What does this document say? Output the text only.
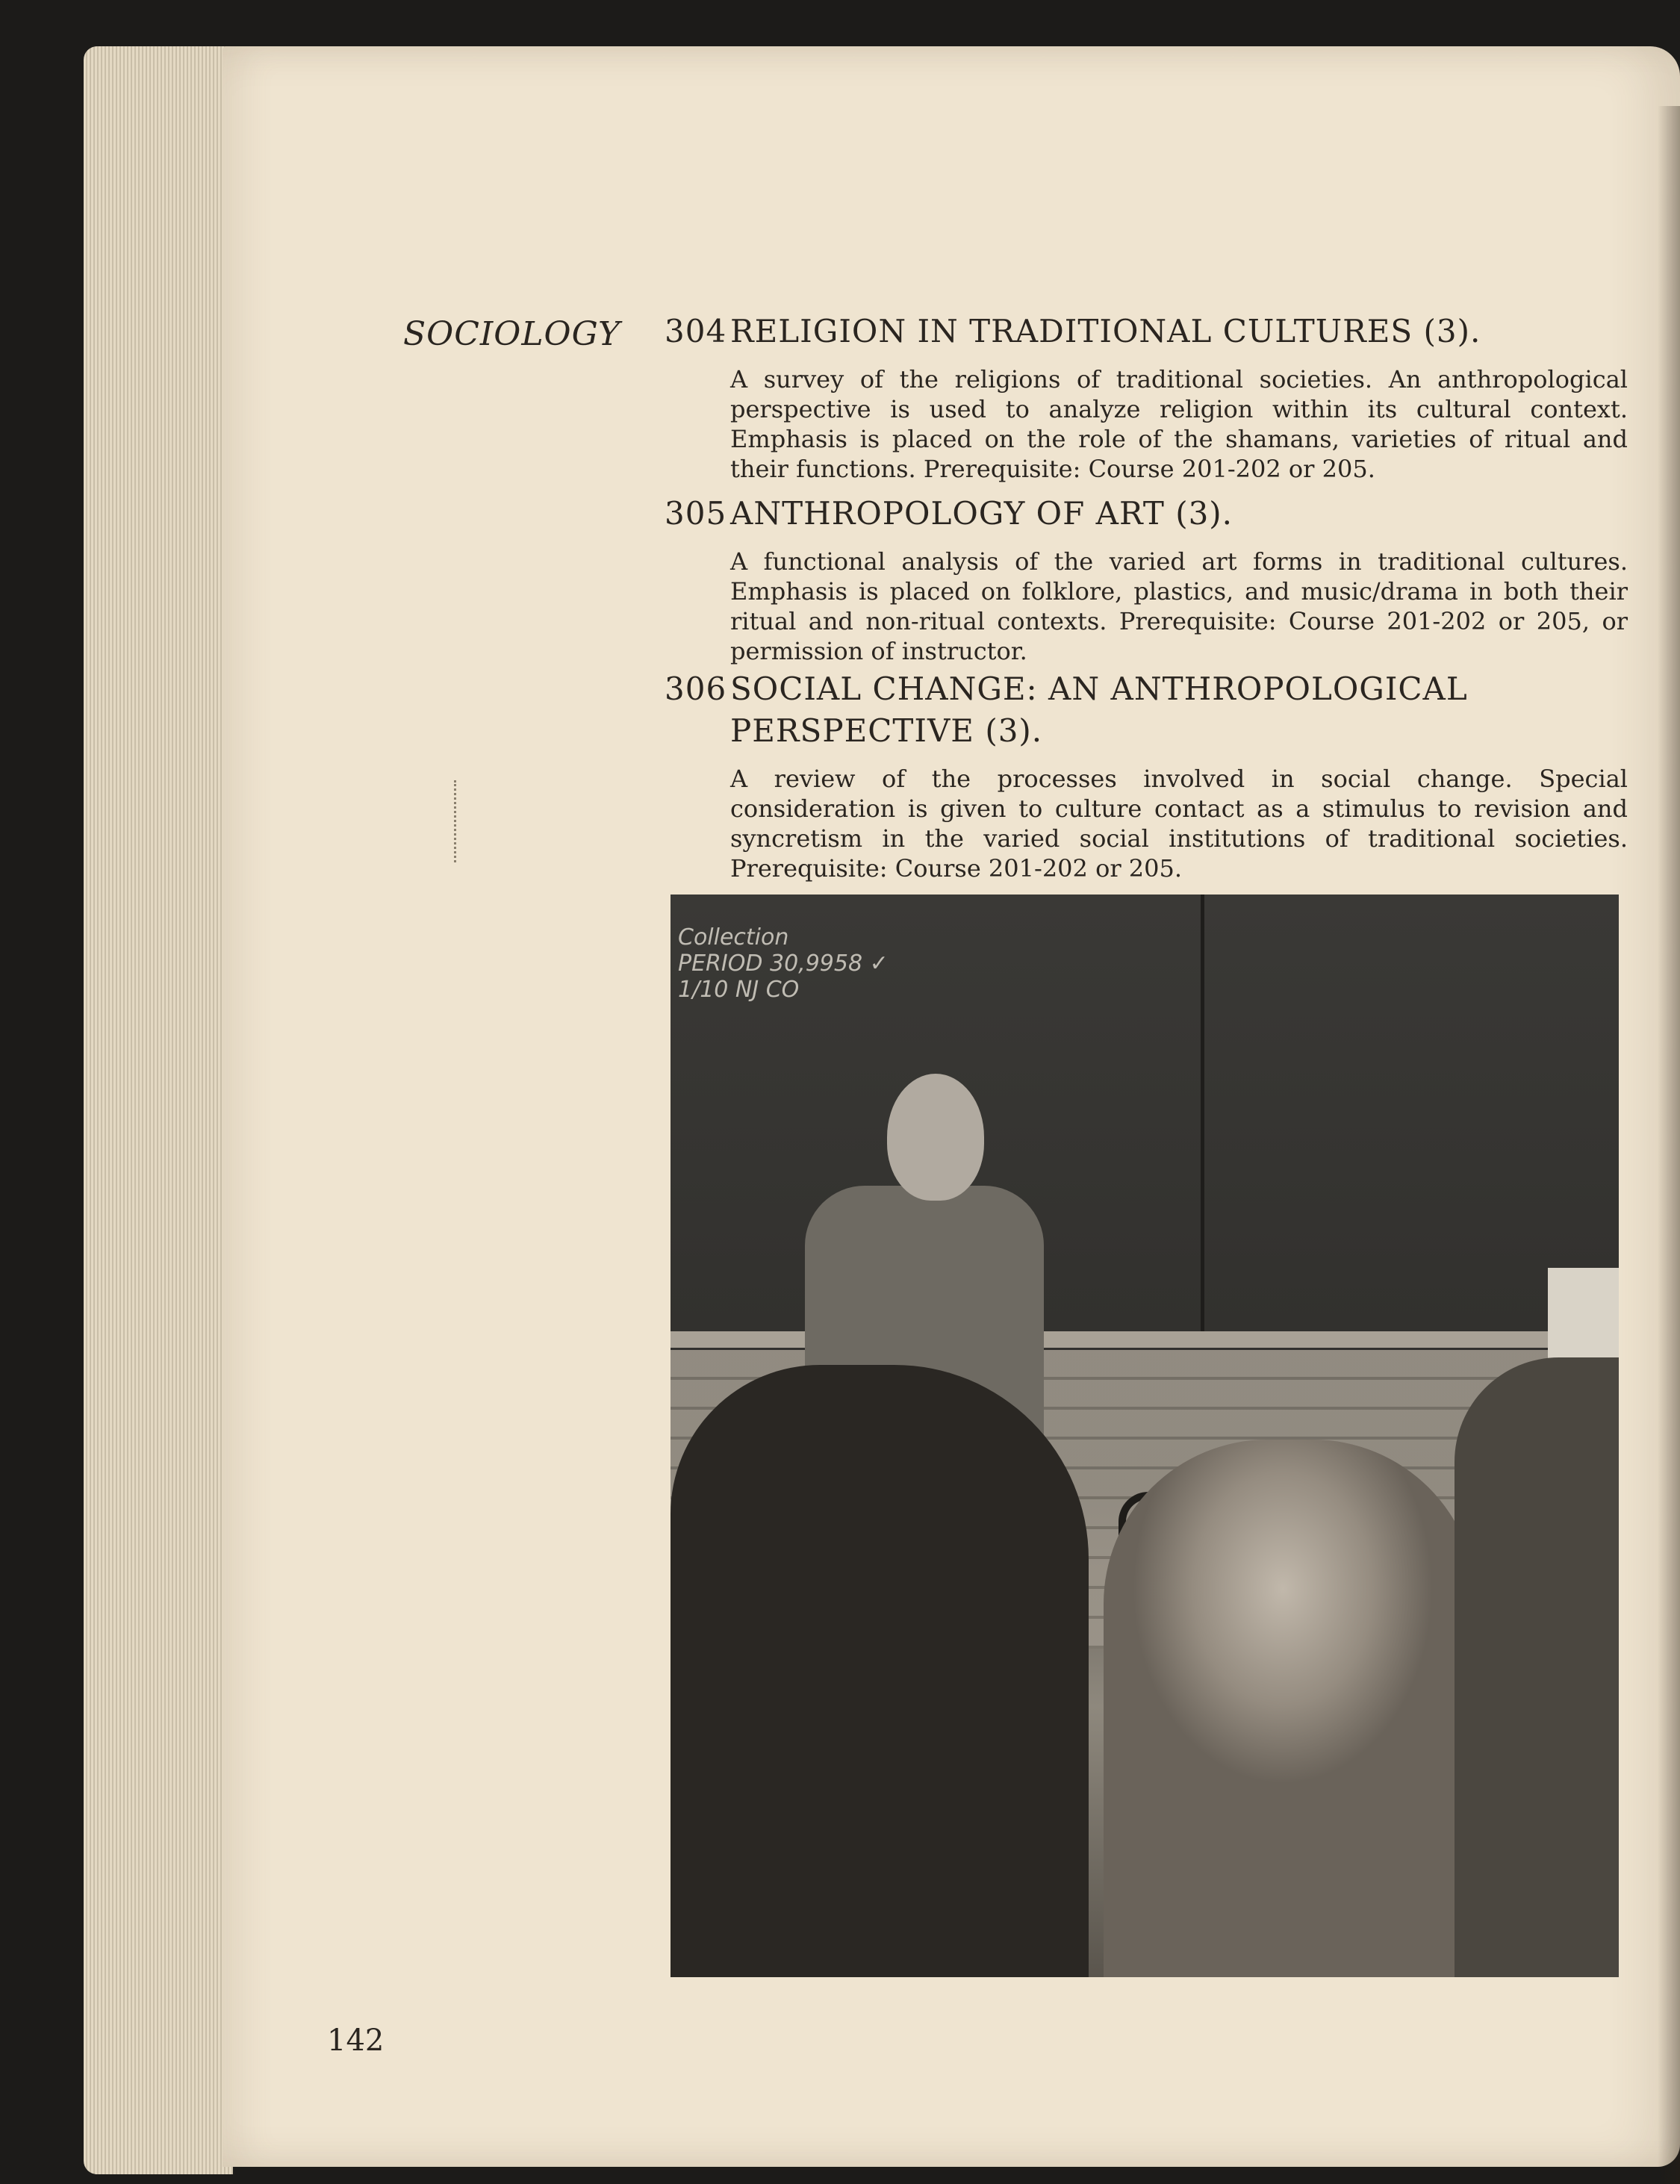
SOCIOLOGY 304 RELIGION IN TRADITIONAL CULTURES (3).
A survey of the religions of traditional societies. An anthropological perspective is used to analyze religion within its cultural context. Emphasis is placed on the role of the shamans, varieties of ritual and their functions. Prerequisite: Course 201-202 or 205.
305 ANTHROPOLOGY OF ART (3).
A functional analysis of the varied art forms in traditional cultures. Emphasis is placed on folklore, plastics, and music/drama in both their ritual and non-ritual contexts. Prerequisite: Course 201-202 or 205, or permission of instructor.
306 SOCIAL CHANGE: AN ANTHROPOLOGICAL PERSPECTIVE (3).
A review of the processes involved in social change. Special consideration is given to culture contact as a stimulus to revision and syncretism in the varied social institutions of traditional societies. Prerequisite: Course 201-202 or 205.
Collection
PERIOD 30,9958 ✓
1/10 NJ CO
142
